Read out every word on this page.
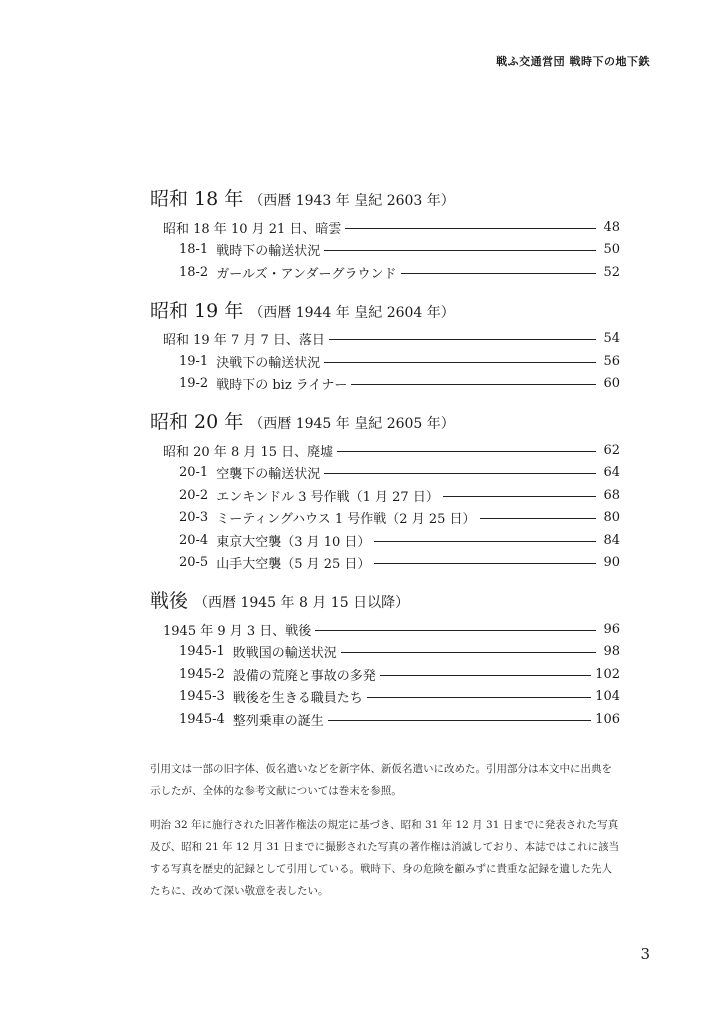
戦ふ交通営団 戦時下の地下鉄
昭和 18 年 （西暦 1943 年 皇紀 2603 年）
昭和 18 年 10 月 21 日、暗雲	48
18-1 戦時下の輸送状況	50
18-2 ガールズ・アンダーグラウンド	52
昭和 19 年 （西暦 1944 年 皇紀 2604 年）
昭和 19 年 7 月 7 日、落日	54
19-1 決戦下の輸送状況	56
19-2 戦時下の biz ライナー	60
昭和 20 年 （西暦 1945 年 皇紀 2605 年）
昭和 20 年 8 月 15 日、廃墟	62
20-1 空襲下の輸送状況	64
20-2 エンキンドル 3 号作戦（1 月 27 日）	68
20-3 ミーティングハウス 1 号作戦（2 月 25 日）	80
20-4 東京大空襲（3 月 10 日）	84
20-5 山手大空襲（5 月 25 日）	90
戦後 （西暦 1945 年 8 月 15 日以降）
1945 年 9 月 3 日、戦後	96
1945-1 敗戦国の輸送状況	98
1945-2 設備の荒廃と事故の多発	102
1945-3 戦後を生きる職員たち	104
1945-4 整列乗車の誕生	106

引用文は一部の旧字体、仮名遣いなどを新字体、新仮名遣いに改めた。引用部分は本文中に出典を示したが、全体的な参考文献については巻末を参照。

明治 32 年に施行された旧著作権法の規定に基づき、昭和 31 年 12 月 31 日までに発表された写真及び、昭和 21 年 12 月 31 日までに撮影された写真の著作権は消滅しており、本誌ではこれに該当する写真を歴史的記録として引用している。戦時下、身の危険を顧みずに貴重な記録を遺した先人たちに、改めて深い敬意を表したい。

3
